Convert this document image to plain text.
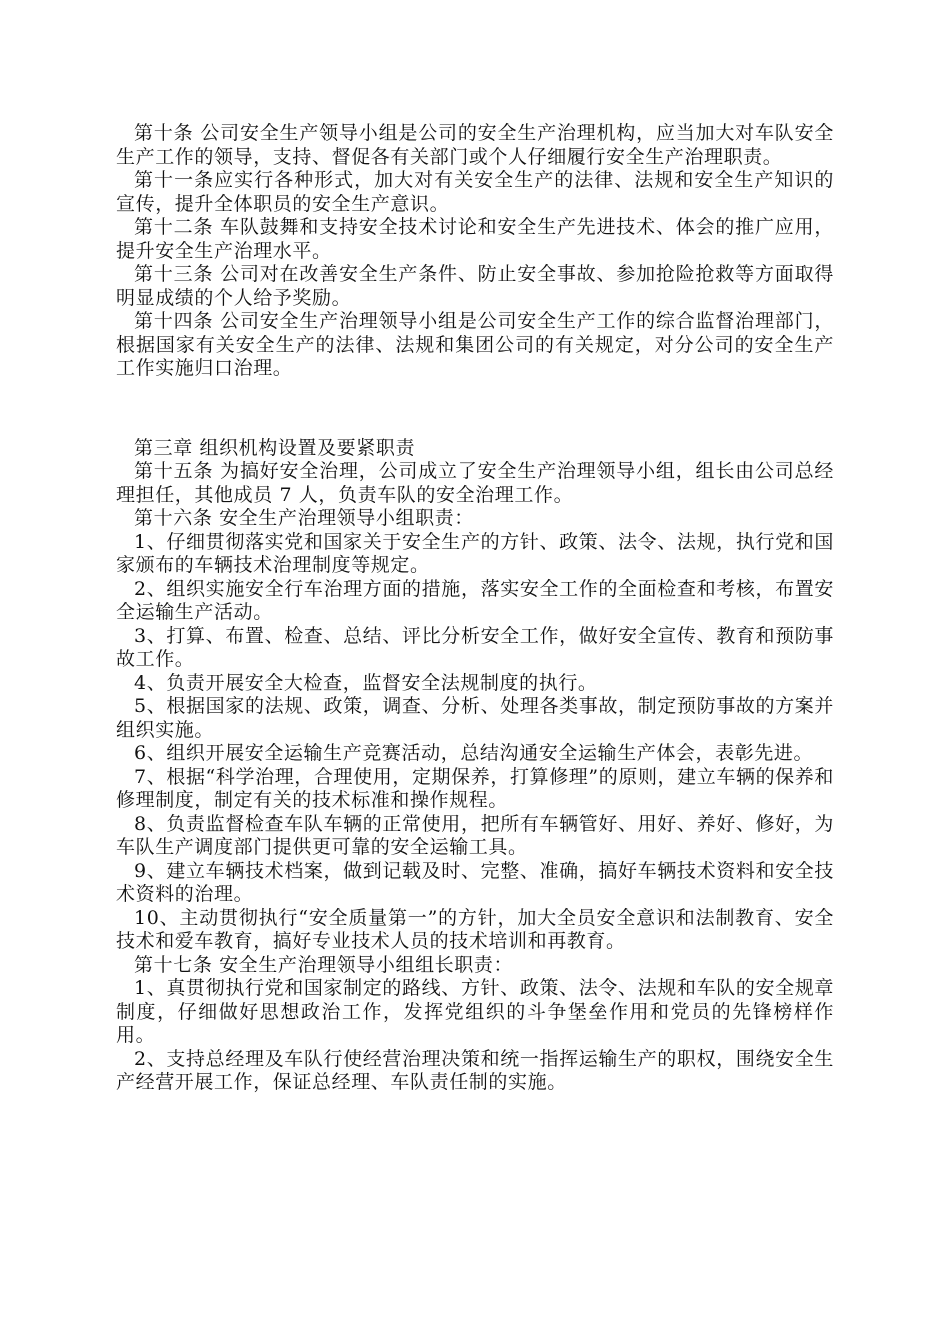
第十条 公司安全生产领导小组是公司的安全生产治理机构，应当加大对车队安全生产工作的领导，支持、督促各有关部门或个人仔细履行安全生产治理职责。

第十一条应实行各种形式，加大对有关安全生产的法律、法规和安全生产知识的宣传，提升全体职员的安全生产意识。

第十二条 车队鼓舞和支持安全技术讨论和安全生产先进技术、体会的推广应用，提升安全生产治理水平。

第十三条 公司对在改善安全生产条件、防止安全事故、参加抢险抢救等方面取得明显成绩的个人给予奖励。

第十四条 公司安全生产治理领导小组是公司安全生产工作的综合监督治理部门，根据国家有关安全生产的法律、法规和集团公司的有关规定，对分公司的安全生产工作实施归口治理。

第三章 组织机构设置及要紧职责

第十五条 为搞好安全治理，公司成立了安全生产治理领导小组，组长由公司总经理担任，其他成员 7 人，负责车队的安全治理工作。

第十六条 安全生产治理领导小组职责：

1、仔细贯彻落实党和国家关于安全生产的方针、政策、法令、法规，执行党和国家颁布的车辆技术治理制度等规定。

2、组织实施安全行车治理方面的措施，落实安全工作的全面检查和考核，布置安全运输生产活动。

3、打算、布置、检查、总结、评比分析安全工作，做好安全宣传、教育和预防事故工作。

4、负责开展安全大检查，监督安全法规制度的执行。

5、根据国家的法规、政策，调查、分析、处理各类事故，制定预防事故的方案并组织实施。

6、组织开展安全运输生产竞赛活动，总结沟通安全运输生产体会，表彰先进。

7、根据“科学治理，合理使用，定期保养，打算修理”的原则，建立车辆的保养和修理制度，制定有关的技术标准和操作规程。

8、负责监督检查车队车辆的正常使用，把所有车辆管好、用好、养好、修好，为车队生产调度部门提供更可靠的安全运输工具。

9、建立车辆技术档案，做到记载及时、完整、准确，搞好车辆技术资料和安全技术资料的治理。

10、主动贯彻执行“安全质量第一”的方针，加大全员安全意识和法制教育、安全技术和爱车教育，搞好专业技术人员的技术培训和再教育。

第十七条 安全生产治理领导小组组长职责：

1、真贯彻执行党和国家制定的路线、方针、政策、法令、法规和车队的安全规章制度，仔细做好思想政治工作，发挥党组织的斗争堡垒作用和党员的先锋榜样作用。

2、支持总经理及车队行使经营治理决策和统一指挥运输生产的职权，围绕安全生产经营开展工作，保证总经理、车队责任制的实施。
